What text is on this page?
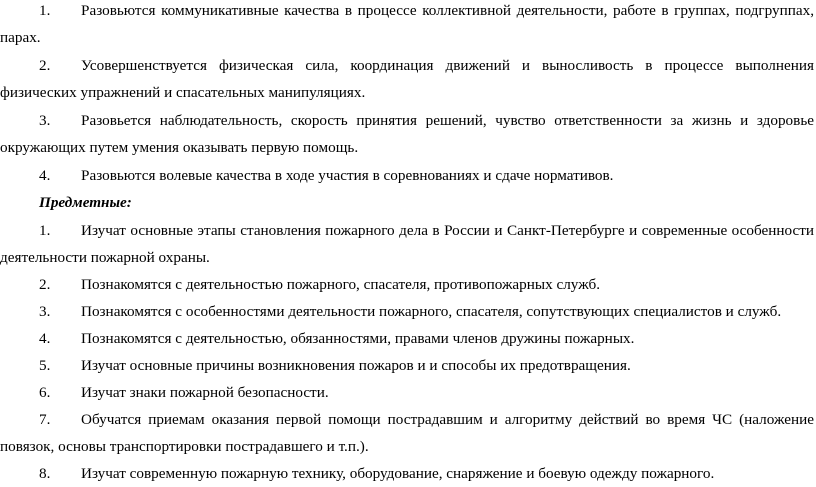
1.	Разовьются коммуникативные качества в процессе коллективной деятельности, работе в группах, подгруппах,
парах.
2.	Усовершенствуется физическая сила, координация движений и выносливость в процессе выполнения
физических упражнений и спасательных манипуляциях.
3.	Разовьется наблюдательность, скорость принятия решений, чувство ответственности за жизнь и здоровье
окружающих путем умения оказывать первую помощь.
4.	Разовьются волевые качества в ходе участия в соревнованиях и сдаче нормативов.
Предметные:
1.	Изучат основные этапы становления пожарного дела в России и Санкт-Петербурге и современные особенности
деятельности пожарной охраны.
2.	Познакомятся с деятельностью пожарного, спасателя, противопожарных служб.
3.	Познакомятся с особенностями деятельности пожарного, спасателя, сопутствующих специалистов и служб.
4.	Познакомятся с деятельностью, обязанностями, правами членов дружины пожарных.
5.	Изучат основные причины возникновения пожаров и и способы их предотвращения.
6.	Изучат знаки пожарной безопасности.
7.	Обучатся приемам оказания первой помощи пострадавшим и алгоритму действий во время ЧС (наложение
повязок, основы транспортировки пострадавшего и т.п.).
8.	Изучат современную пожарную технику, оборудование, снаряжение и боевую одежду пожарного.
